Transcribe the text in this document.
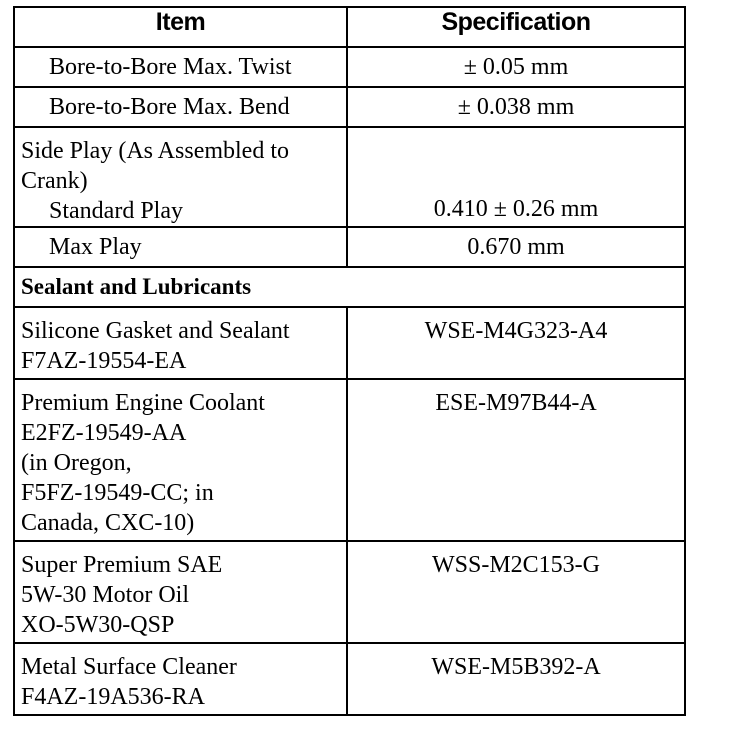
Item	Specification
Bore-to-Bore Max. Twist	± 0.05 mm
Bore-to-Bore Max. Bend	± 0.038 mm

Side Play (As Assembled to
Crank)
Standard Play	0.410 ± 0.26 mm
Max Play	0.670 mm
Sealant and Lubricants	

Silicone Gasket and Sealant
F7AZ-19554-EA	WSE-M4G323-A4

Premium Engine Coolant
E2FZ-19549-AA
(in Oregon,
F5FZ-19549-CC; in
Canada, CXC-10)	ESE-M97B44-A

Super Premium SAE
5W-30 Motor Oil
XO-5W30-QSP	WSS-M2C153-G

Metal Surface Cleaner
F4AZ-19A536-RA	WSE-M5B392-A
